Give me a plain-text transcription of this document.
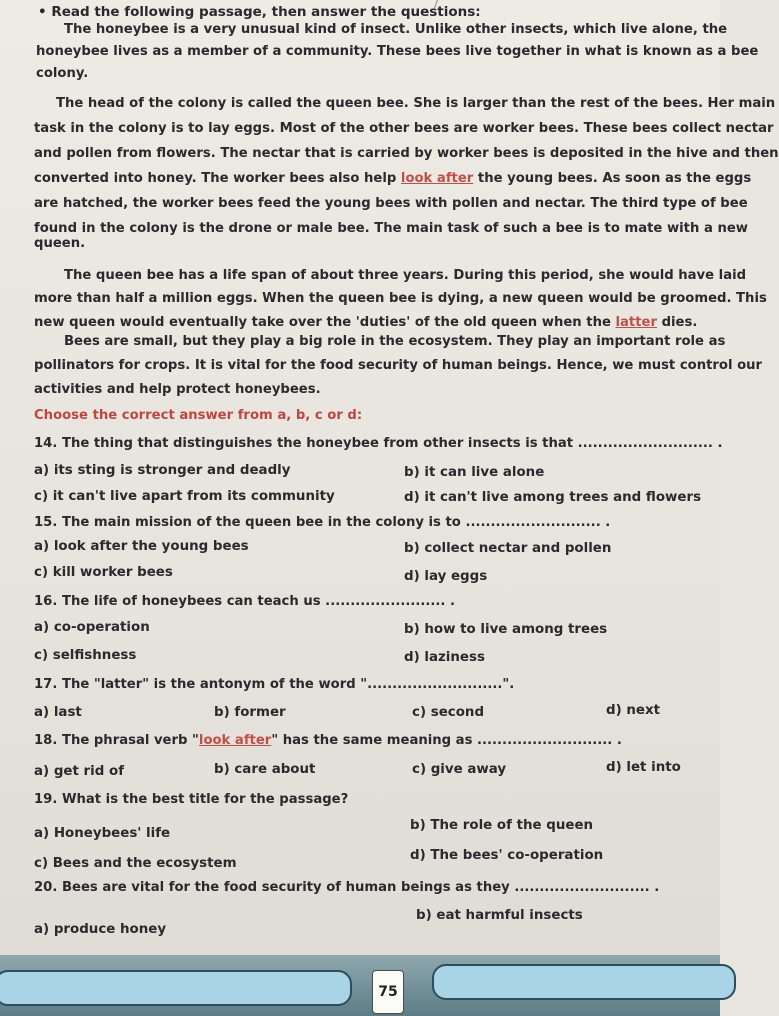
• Read the following passage, then answer the questions:
The honeybee is a very unusual kind of insect. Unlike other insects, which live alone, the
honeybee lives as a member of a community. These bees live together in what is known as a bee
colony.
The head of the colony is called the queen bee. She is larger than the rest of the bees. Her main
task in the colony is to lay eggs. Most of the other bees are worker bees. These bees collect nectar
and pollen from flowers. The nectar that is carried by worker bees is deposited in the hive and then
converted into honey. The worker bees also help look after the young bees. As soon as the eggs
are hatched, the worker bees feed the young bees with pollen and nectar. The third type of bee
found in the colony is the drone or male bee. The main task of such a bee is to mate with a new
queen.
The queen bee has a life span of about three years. During this period, she would have laid
more than half a million eggs. When the queen bee is dying, a new queen would be groomed. This
new queen would eventually take over the 'duties' of the old queen when the latter dies.
Bees are small, but they play a big role in the ecosystem. They play an important role as
pollinators for crops. It is vital for the food security of human beings. Hence, we must control our
activities and help protect honeybees.
Choose the correct answer from a, b, c or d:
14. The thing that distinguishes the honeybee from other insects is that ........................... .
a) its sting is stronger and deadly	b) it can live alone
c) it can't live apart from its community	d) it can't live among trees and flowers
15. The main mission of the queen bee in the colony is to ........................... .
a) look after the young bees	b) collect nectar and pollen
c) kill worker bees	d) lay eggs
16. The life of honeybees can teach us ........................ .
a) co-operation	b) how to live among trees
c) selfishness	d) laziness
17. The "latter" is the antonym of the word "...........................".
a) last	b) former	c) second	d) next
18. The phrasal verb "look after" has the same meaning as ........................... .
a) get rid of	b) care about	c) give away	d) let into
19. What is the best title for the passage?
a) Honeybees' life
b) The role of the queen
c) Bees and the ecosystem
d) The bees' co-operation
20. Bees are vital for the food security of human beings as they ........................... .
a) produce honey
b) eat harmful insects
75
